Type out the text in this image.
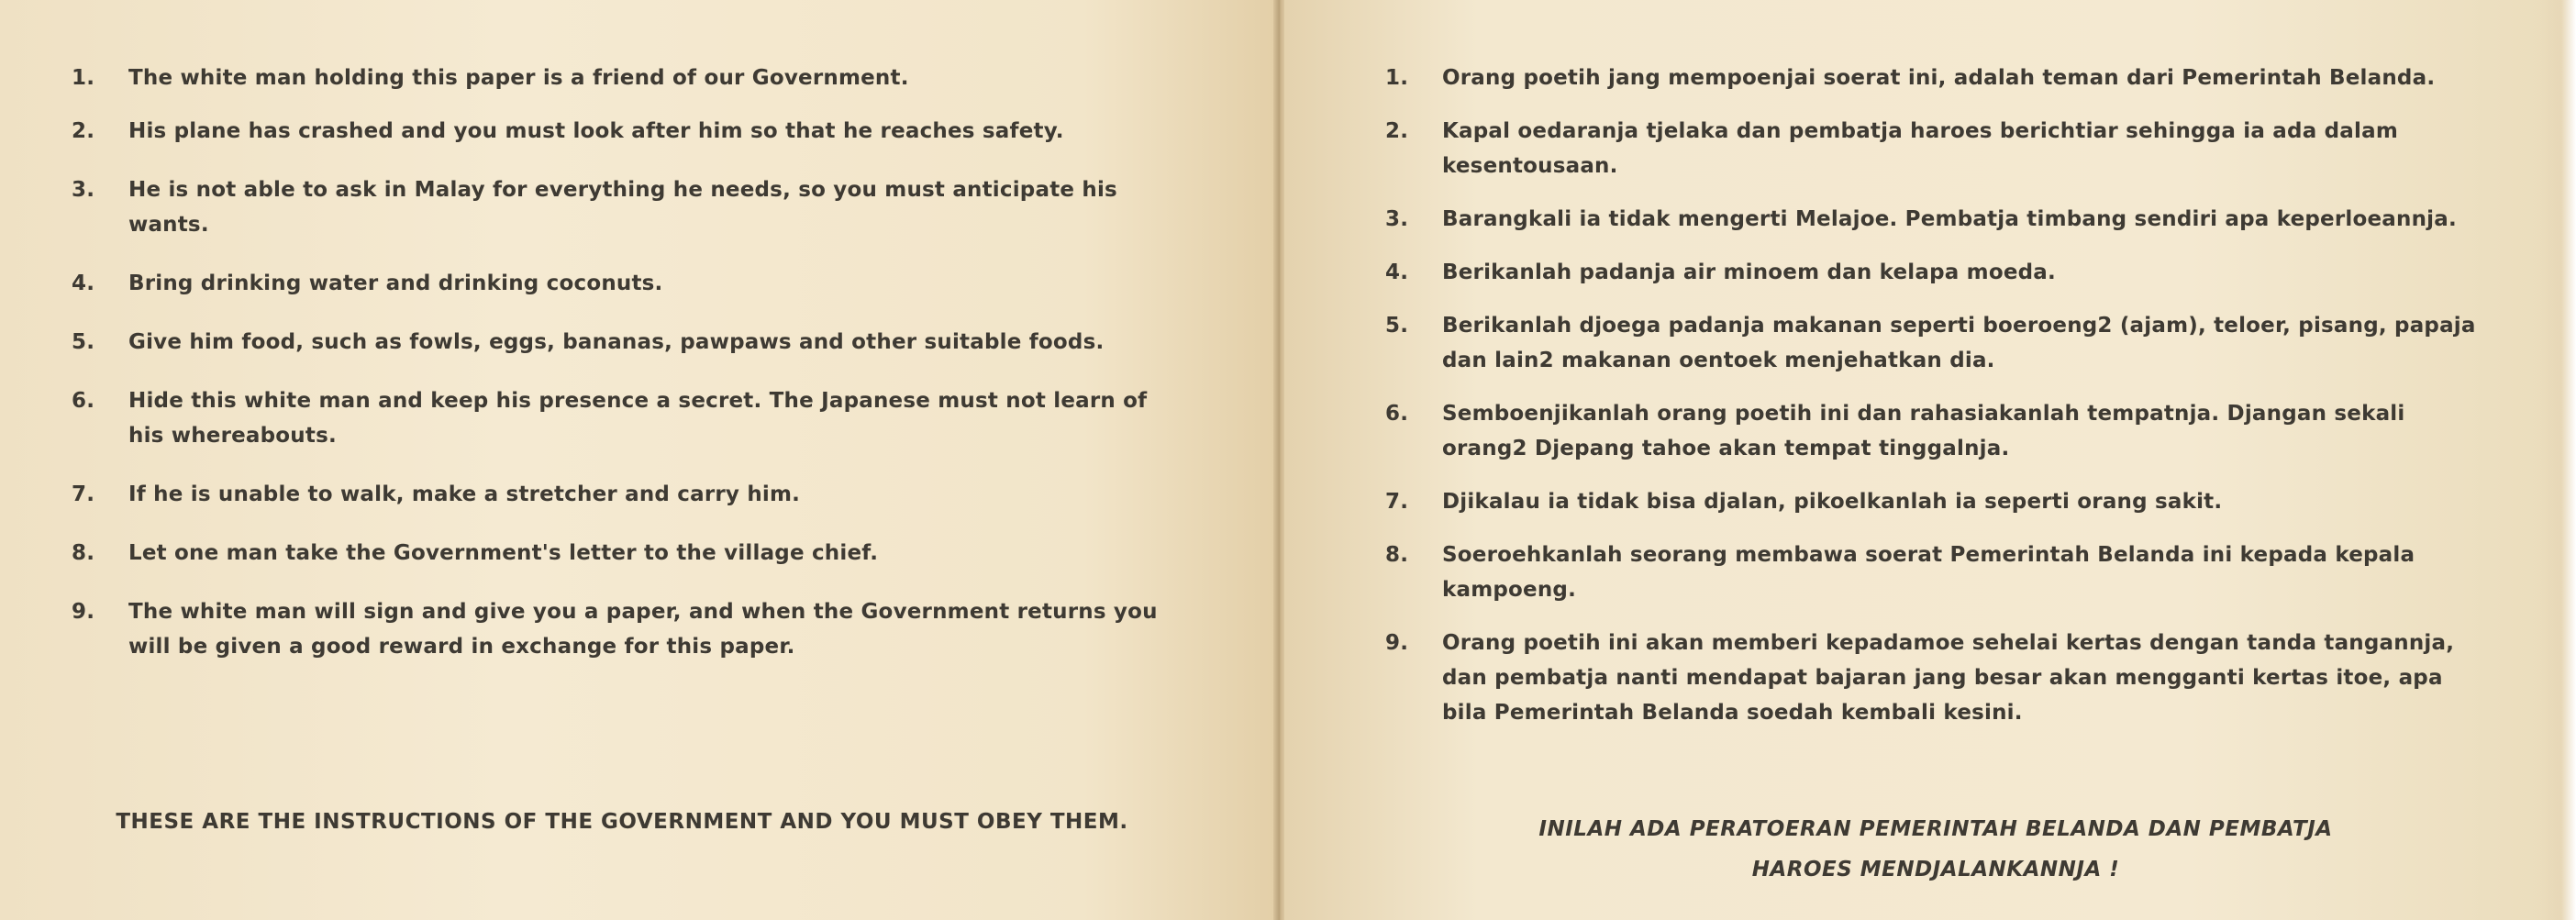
1. The white man holding this paper is a friend of our Government.
2. His plane has crashed and you must look after him so that he reaches safety.
3. He is not able to ask in Malay for everything he needs, so you must anticipate his wants.
4. Bring drinking water and drinking coconuts.
5. Give him food, such as fowls, eggs, bananas, pawpaws and other suitable foods.
6. Hide this white man and keep his presence a secret. The Japanese must not learn of his whereabouts.
7. If he is unable to walk, make a stretcher and carry him.
8. Let one man take the Government's letter to the village chief.
9. The white man will sign and give you a paper, and when the Government returns you will be given a good reward in exchange for this paper.

THESE ARE THE INSTRUCTIONS OF THE GOVERNMENT AND YOU MUST OBEY THEM.

1. Orang poetih jang mempoenjai soerat ini, adalah teman dari Pemerintah Belanda.
2. Kapal oedaranja tjelaka dan pembatja haroes berichtiar sehingga ia ada dalam kesentousaan.
3. Barangkali ia tidak mengerti Melajoe. Pembatja timbang sendiri apa keperloeannja.
4. Berikanlah padanja air minoem dan kelapa moeda.
5. Berikanlah djoega padanja makanan seperti boeroeng2 (ajam), teloer, pisang, papaja dan lain2 makanan oentoek menjehatkan dia.
6. Semboenjikanlah orang poetih ini dan rahasiakanlah tempatnja. Djangan sekali orang2 Djepang tahoe akan tempat tinggalnja.
7. Djikalau ia tidak bisa djalan, pikoelkanlah ia seperti orang sakit.
8. Soeroehkanlah seorang membawa soerat Pemerintah Belanda ini kepada kepala kampoeng.
9. Orang poetih ini akan memberi kepadamoe sehelai kertas dengan tanda tangannja, dan pembatja nanti mendapat bajaran jang besar akan mengganti kertas itoe, apa bila Pemerintah Belanda soedah kembali kesini.
INILAH ADA PERATOERAN PEMERINTAH BELANDA DAN PEMBATJA
HAROES MENDJALANKANNJA !
